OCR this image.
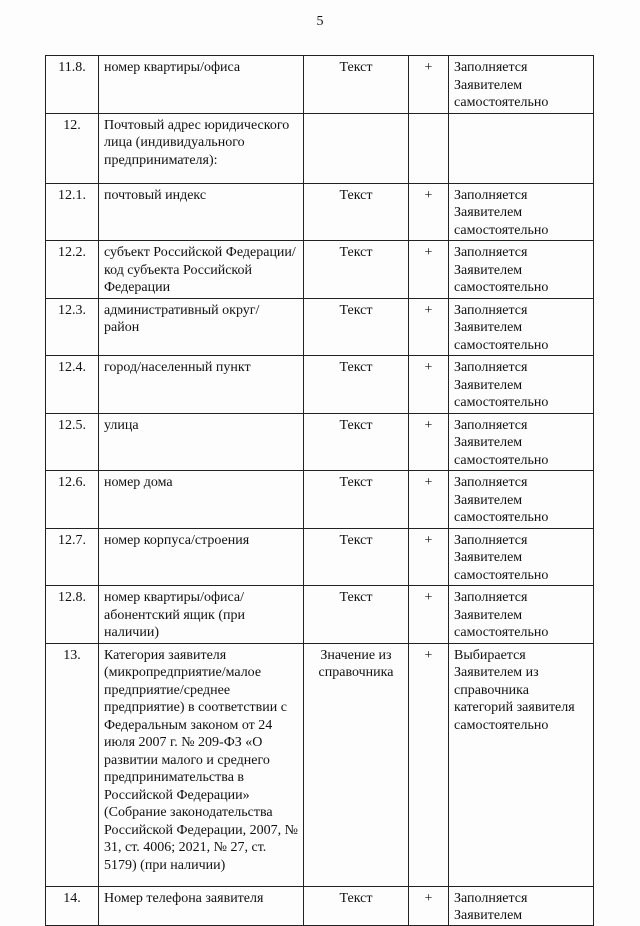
5
11.8.	номер квартиры/офиса	Текст	+	Заполняется Заявителем самостоятельно
12.	Почтовый адрес юридического лица (индивидуального предпринимателя):			
12.1.	почтовый индекс	Текст	+	Заполняется Заявителем самостоятельно
12.2.	субъект Российской Федерации/код субъекта Российской Федерации	Текст	+	Заполняется Заявителем самостоятельно
12.3.	административный округ/ район	Текст	+	Заполняется Заявителем самостоятельно
12.4.	город/населенный пункт	Текст	+	Заполняется Заявителем самостоятельно
12.5.	улица	Текст	+	Заполняется Заявителем самостоятельно
12.6.	номер дома	Текст	+	Заполняется Заявителем самостоятельно
12.7.	номер корпуса/строения	Текст	+	Заполняется Заявителем самостоятельно
12.8.	номер квартиры/офиса/ абонентский ящик (при наличии)	Текст	+	Заполняется Заявителем самостоятельно
13.	Категория заявителя (микропредприятие/малое предприятие/среднее предприятие) в соответствии с Федеральным законом от 24 июля 2007 г. № 209-ФЗ «О развитии малого и среднего предпринимательства в Российской Федерации» (Собрание законодательства Российской Федерации, 2007, № 31, ст. 4006; 2021, № 27, ст. 5179) (при наличии)	Значение из справочника	+	Выбирается Заявителем из справочника категорий заявителя самостоятельно
14.	Номер телефона заявителя	Текст	+	Заполняется Заявителем
